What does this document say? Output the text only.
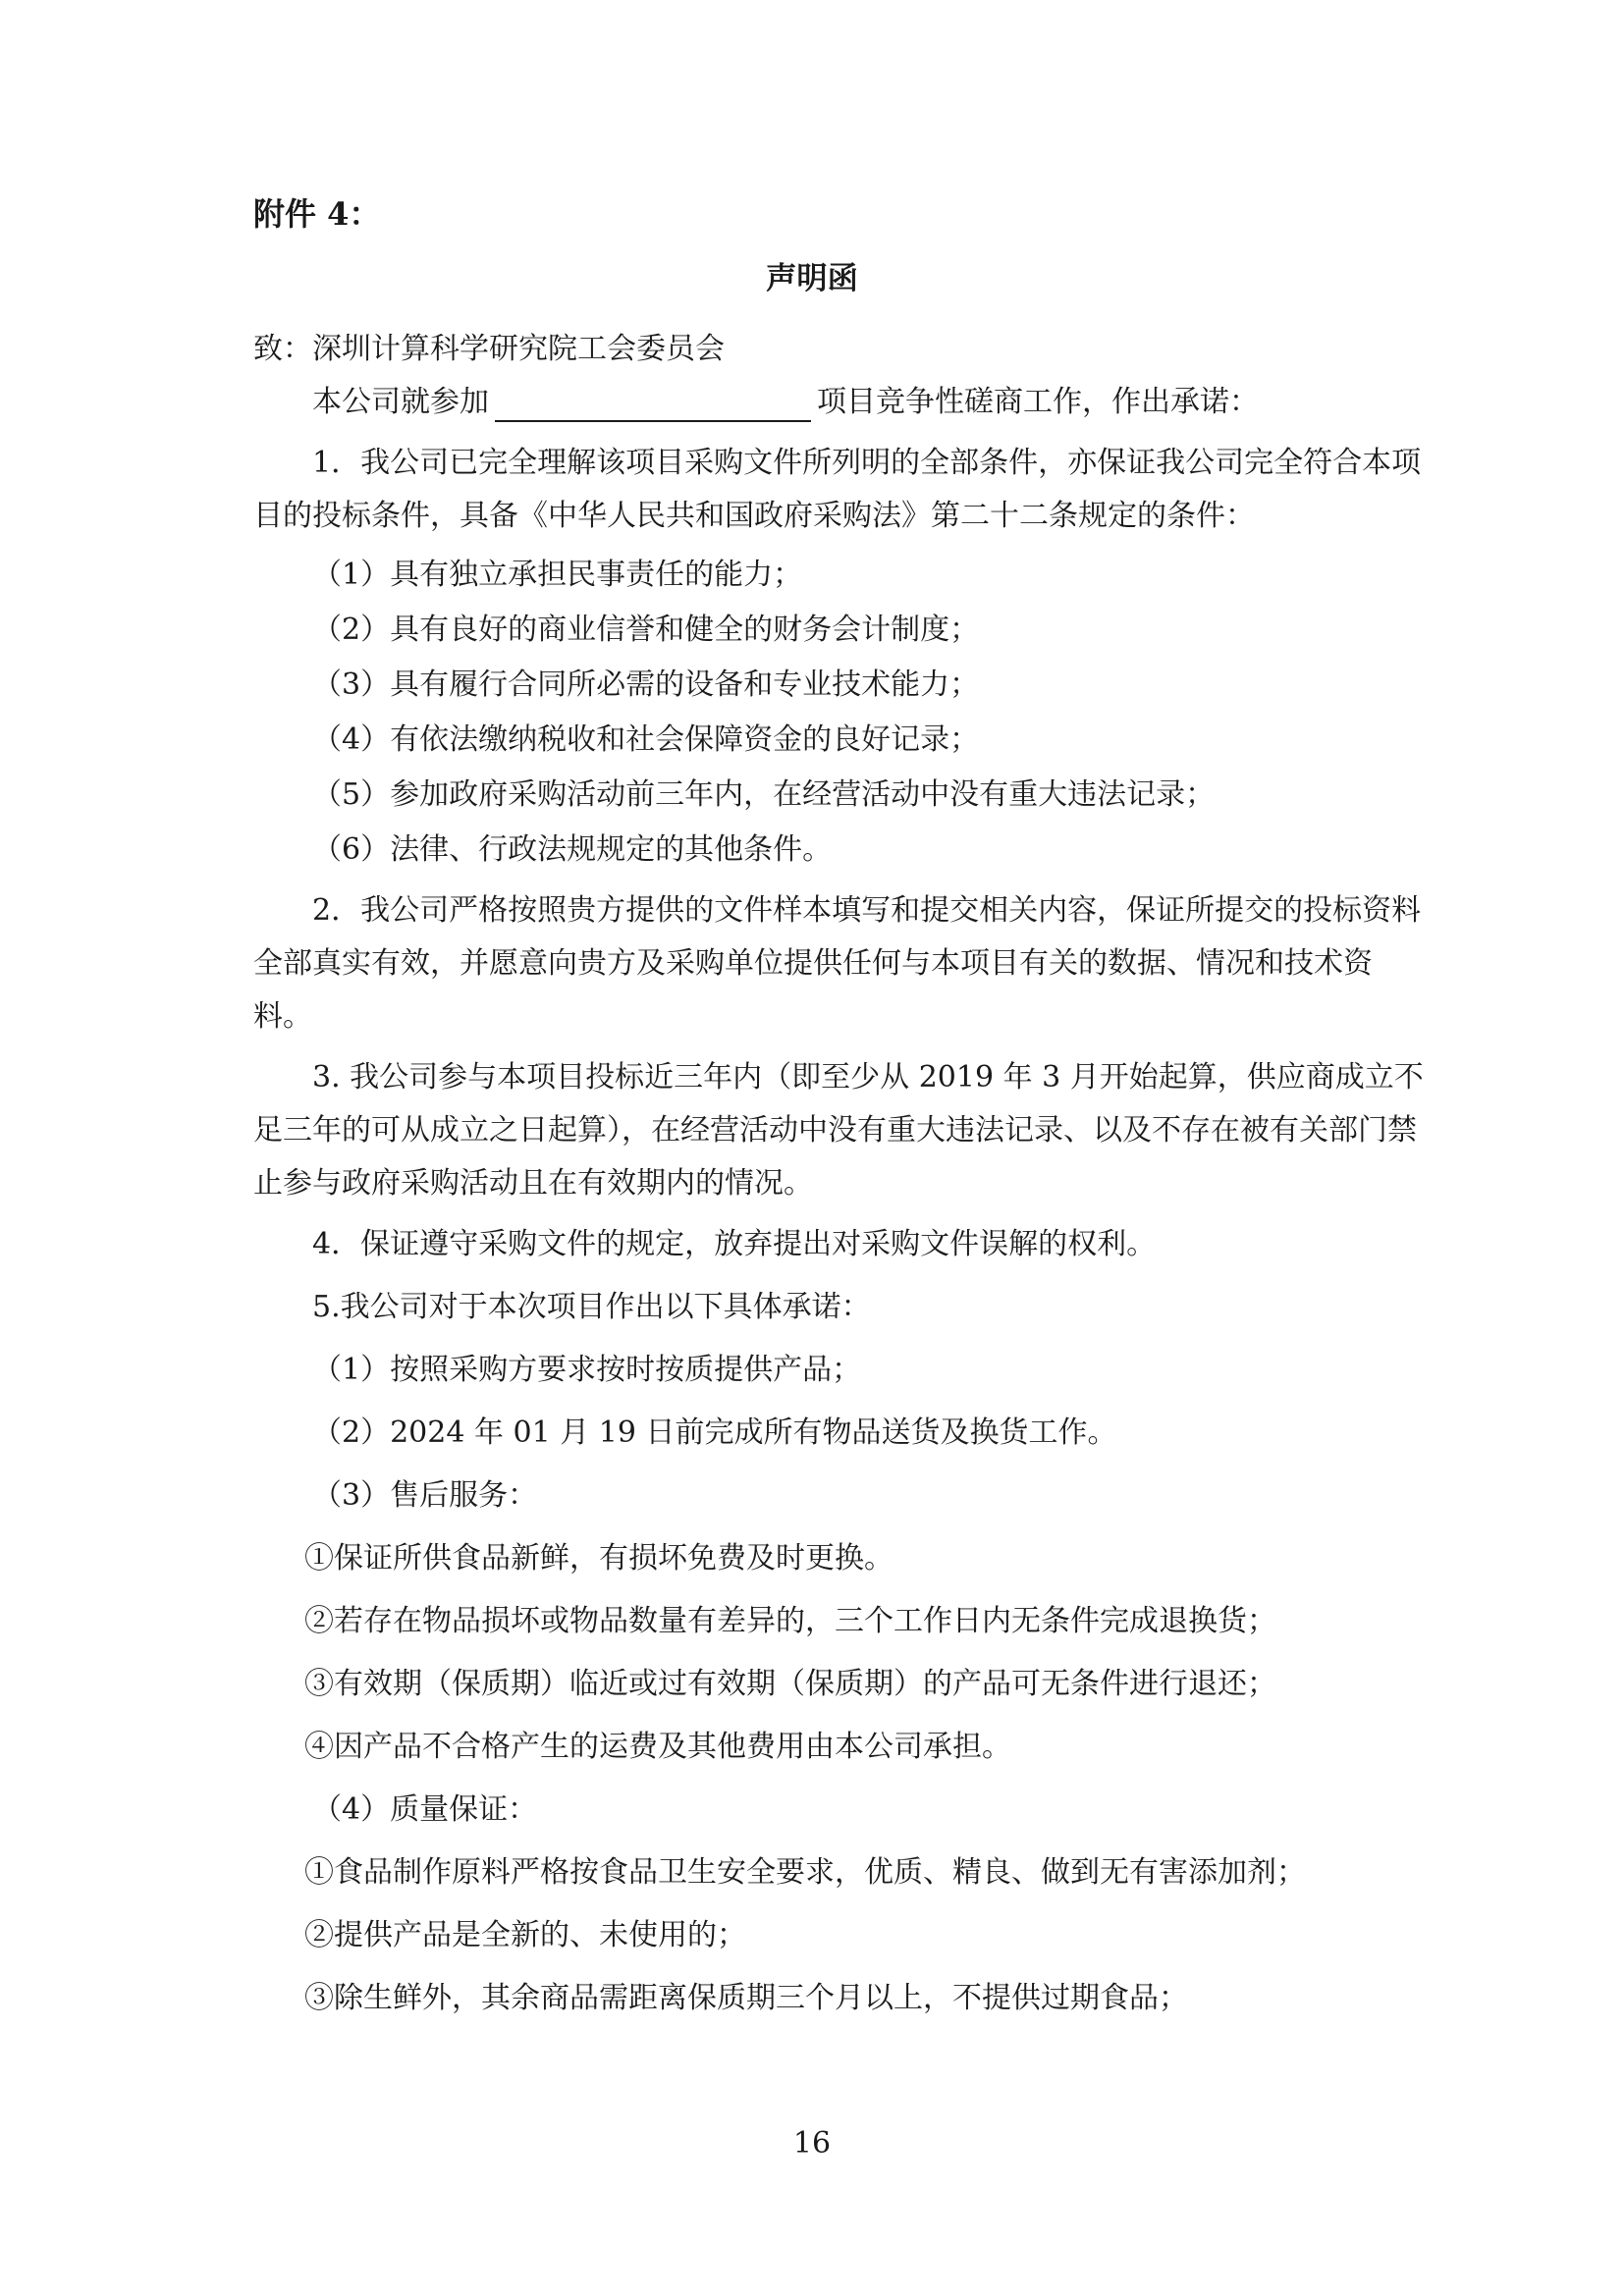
附件 4：
声明函
致：深圳计算科学研究院工会委员会
本公司就参加	项目竞争性磋商工作，作出承诺：
1．我公司已完全理解该项目采购文件所列明的全部条件，亦保证我公司完全符合本项
目的投标条件，具备《中华人民共和国政府采购法》第二十二条规定的条件：
（1）具有独立承担民事责任的能力；
（2）具有良好的商业信誉和健全的财务会计制度；
（3）具有履行合同所必需的设备和专业技术能力；
（4）有依法缴纳税收和社会保障资金的良好记录；
（5）参加政府采购活动前三年内，在经营活动中没有重大违法记录；
（6）法律、行政法规规定的其他条件。
2．我公司严格按照贵方提供的文件样本填写和提交相关内容，保证所提交的投标资料
全部真实有效，并愿意向贵方及采购单位提供任何与本项目有关的数据、情况和技术资
料。
3. 我公司参与本项目投标近三年内（即至少从 2019 年 3 月开始起算，供应商成立不
足三年的可从成立之日起算），在经营活动中没有重大违法记录、以及不存在被有关部门禁
止参与政府采购活动且在有效期内的情况。
4．保证遵守采购文件的规定，放弃提出对采购文件误解的权利。
5.我公司对于本次项目作出以下具体承诺：
（1）按照采购方要求按时按质提供产品；
（2）2024 年 01 月 19 日前完成所有物品送货及换货工作。
（3）售后服务：
①保证所供食品新鲜，有损坏免费及时更换。
②若存在物品损坏或物品数量有差异的，三个工作日内无条件完成退换货；
③有效期（保质期）临近或过有效期（保质期）的产品可无条件进行退还；
④因产品不合格产生的运费及其他费用由本公司承担。
（4）质量保证：
①食品制作原料严格按食品卫生安全要求，优质、精良、做到无有害添加剂；
②提供产品是全新的、未使用的；
③除生鲜外，其余商品需距离保质期三个月以上，不提供过期食品；
16
